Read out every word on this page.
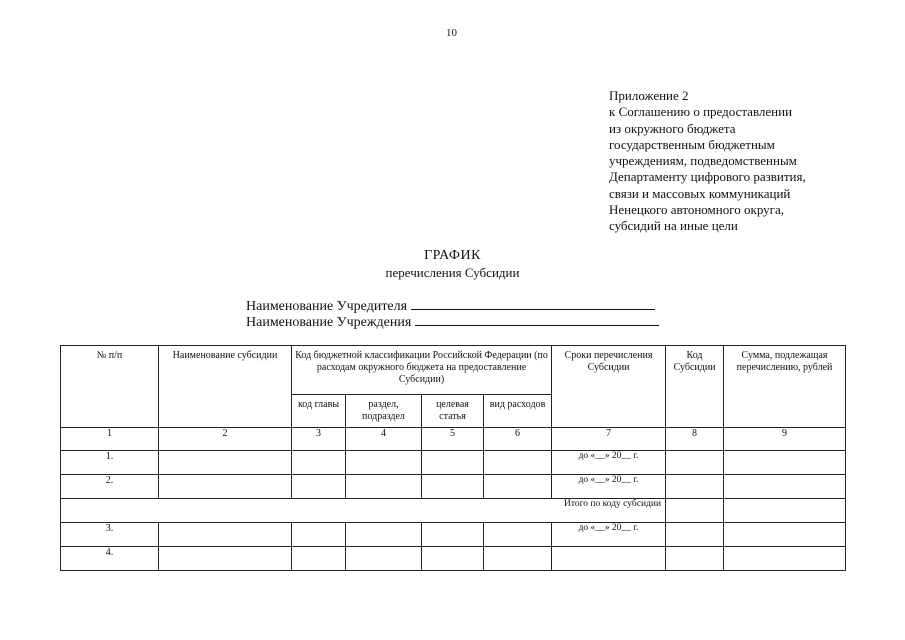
10
Приложение 2
к Соглашению о предоставлении
из окружного бюджета
государственным бюджетным
учреждениям, подведомственным
Департаменту цифрового развития,
связи и массовых коммуникаций
Ненецкого автономного округа,
субсидий на иные цели
ГРАФИК
перечисления Субсидии
Наименование Учредителя
Наименование Учреждения
№ п/п	Наименование субсидии	Код бюджетной классификации Российской Федерации (по расходам окружного бюджета на предоставление Субсидии)				Сроки перечисления Субсидии	Код Субсидии	Сумма, подлежащая перечислению, рублей

		код главы	раздел, подраздел	целевая статья	вид расходов			

1	2	3	4	5	6	7	8	9
1.						до «__» 20__ г.		
2.						до «__» 20__ г.		
Итого по коду субсидии								
3.						до «__» 20__ г.		
4.								
